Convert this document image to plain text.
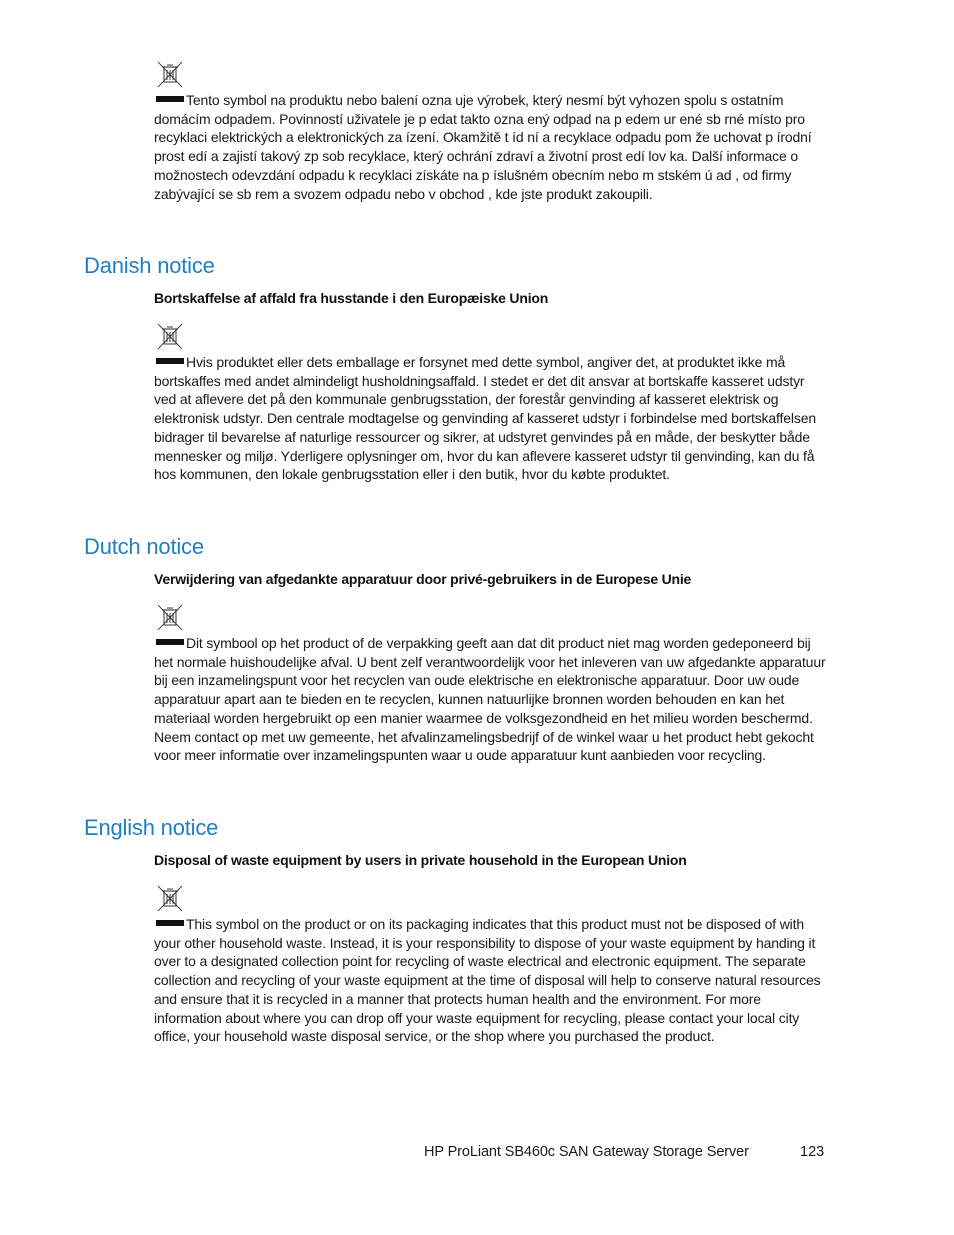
Tento symbol na produktu nebo balení ozna uje výrobek, který nesmí být vyhozen spolu s ostatním domácím odpadem. Povinností uživatele je p edat takto ozna ený odpad na p edem ur ené sb rné místo pro recyklaci elektrických a elektronických za ízení. Okamžitě t íd ní a recyklace odpadu pom že uchovat p írodní prost edí a zajistí takový zp sob recyklace, který ochrání zdraví a životní prost edí lov ka. Další informace o možnostech odevzdání odpadu k recyklaci získáte na p íslušném obecním nebo m stském ú ad , od firmy zabývající se sb rem a svozem odpadu nebo v obchod , kde jste produkt zakoupili.

Danish notice
Bortskaffelse af affald fra husstande i den Europæiske Union

Hvis produktet eller dets emballage er forsynet med dette symbol, angiver det, at produktet ikke må bortskaffes med andet almindeligt husholdningsaffald. I stedet er det dit ansvar at bortskaffe kasseret udstyr ved at aflevere det på den kommunale genbrugsstation, der forestår genvinding af kasseret elektrisk og elektronisk udstyr. Den centrale modtagelse og genvinding af kasseret udstyr i forbindelse med bortskaffelsen bidrager til bevarelse af naturlige ressourcer og sikrer, at udstyret genvindes på en måde, der beskytter både mennesker og miljø. Yderligere oplysninger om, hvor du kan aflevere kasseret udstyr til genvinding, kan du få hos kommunen, den lokale genbrugsstation eller i den butik, hvor du købte produktet.

Dutch notice
Verwijdering van afgedankte apparatuur door privé-gebruikers in de Europese Unie

Dit symbool op het product of de verpakking geeft aan dat dit product niet mag worden gedeponeerd bij het normale huishoudelijke afval. U bent zelf verantwoordelijk voor het inleveren van uw afgedankte apparatuur bij een inzamelingspunt voor het recyclen van oude elektrische en elektronische apparatuur. Door uw oude apparatuur apart aan te bieden en te recyclen, kunnen natuurlijke bronnen worden behouden en kan het materiaal worden hergebruikt op een manier waarmee de volksgezondheid en het milieu worden beschermd. Neem contact op met uw gemeente, het afvalinzamelingsbedrijf of de winkel waar u het product hebt gekocht voor meer informatie over inzamelingspunten waar u oude apparatuur kunt aanbieden voor recycling.

English notice
Disposal of waste equipment by users in private household in the European Union

This symbol on the product or on its packaging indicates that this product must not be disposed of with your other household waste. Instead, it is your responsibility to dispose of your waste equipment by handing it over to a designated collection point for recycling of waste electrical and electronic equipment. The separate collection and recycling of your waste equipment at the time of disposal will help to conserve natural resources and ensure that it is recycled in a manner that protects human health and the environment. For more information about where you can drop off your waste equipment for recycling, please contact your local city office, your household waste disposal service, or the shop where you purchased the product.

HP ProLiant SB460c SAN Gateway Storage Server	123
